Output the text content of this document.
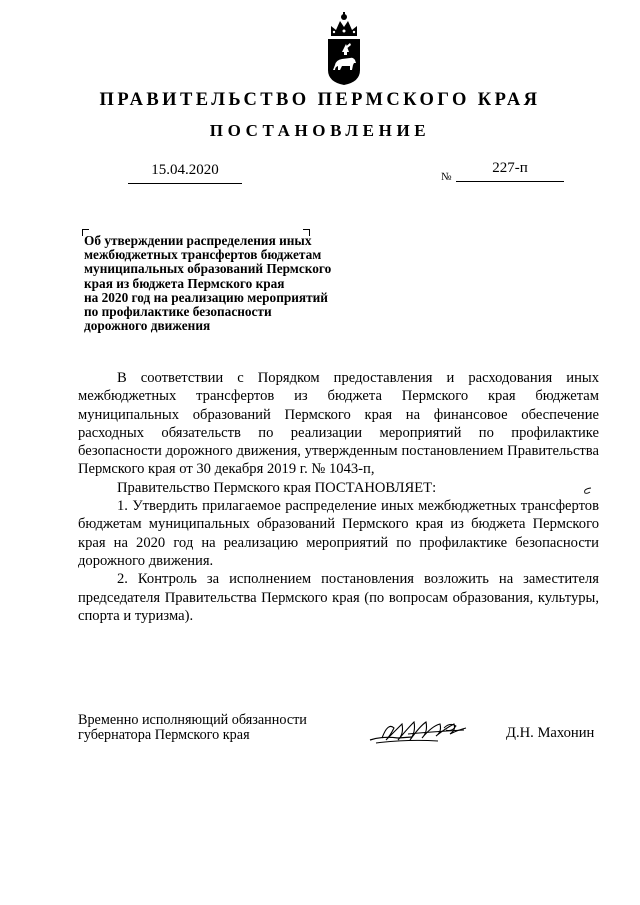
ПРАВИТЕЛЬСТВО ПЕРМСКОГО КРАЯ
ПОСТАНОВЛЕНИЕ
15.04.2020	№
227-п
Об утверждении распределения иных
межбюджетных трансфертов бюджетам
муниципальных образований Пермского
края из бюджета Пермского края
на 2020 год на реализацию мероприятий
по профилактике безопасности
дорожного движения

В соответствии с Порядком предоставления и расходования иных межбюджетных трансфертов из бюджета Пермского края бюджетам муниципальных образований Пермского края на финансовое обеспечение расходных обязательств по реализации мероприятий по профилактике безопасности дорожного движения, утвержденным постановлением Правительства Пермского края от 30 декабря 2019 г. № 1043-п,

Правительство Пермского края ПОСТАНОВЛЯЕТ:

1. Утвердить прилагаемое распределение иных межбюджетных трансфертов бюджетам муниципальных образований Пермского края из бюджета Пермского края на 2020 год на реализацию мероприятий по профилактике безопасности дорожного движения.

2. Контроль за исполнением постановления возложить на заместителя председателя Правительства Пермского края (по вопросам образования, культуры, спорта и туризма).

Временно исполняющий обязанности
губернатора Пермского края	Д.Н. Махонин
